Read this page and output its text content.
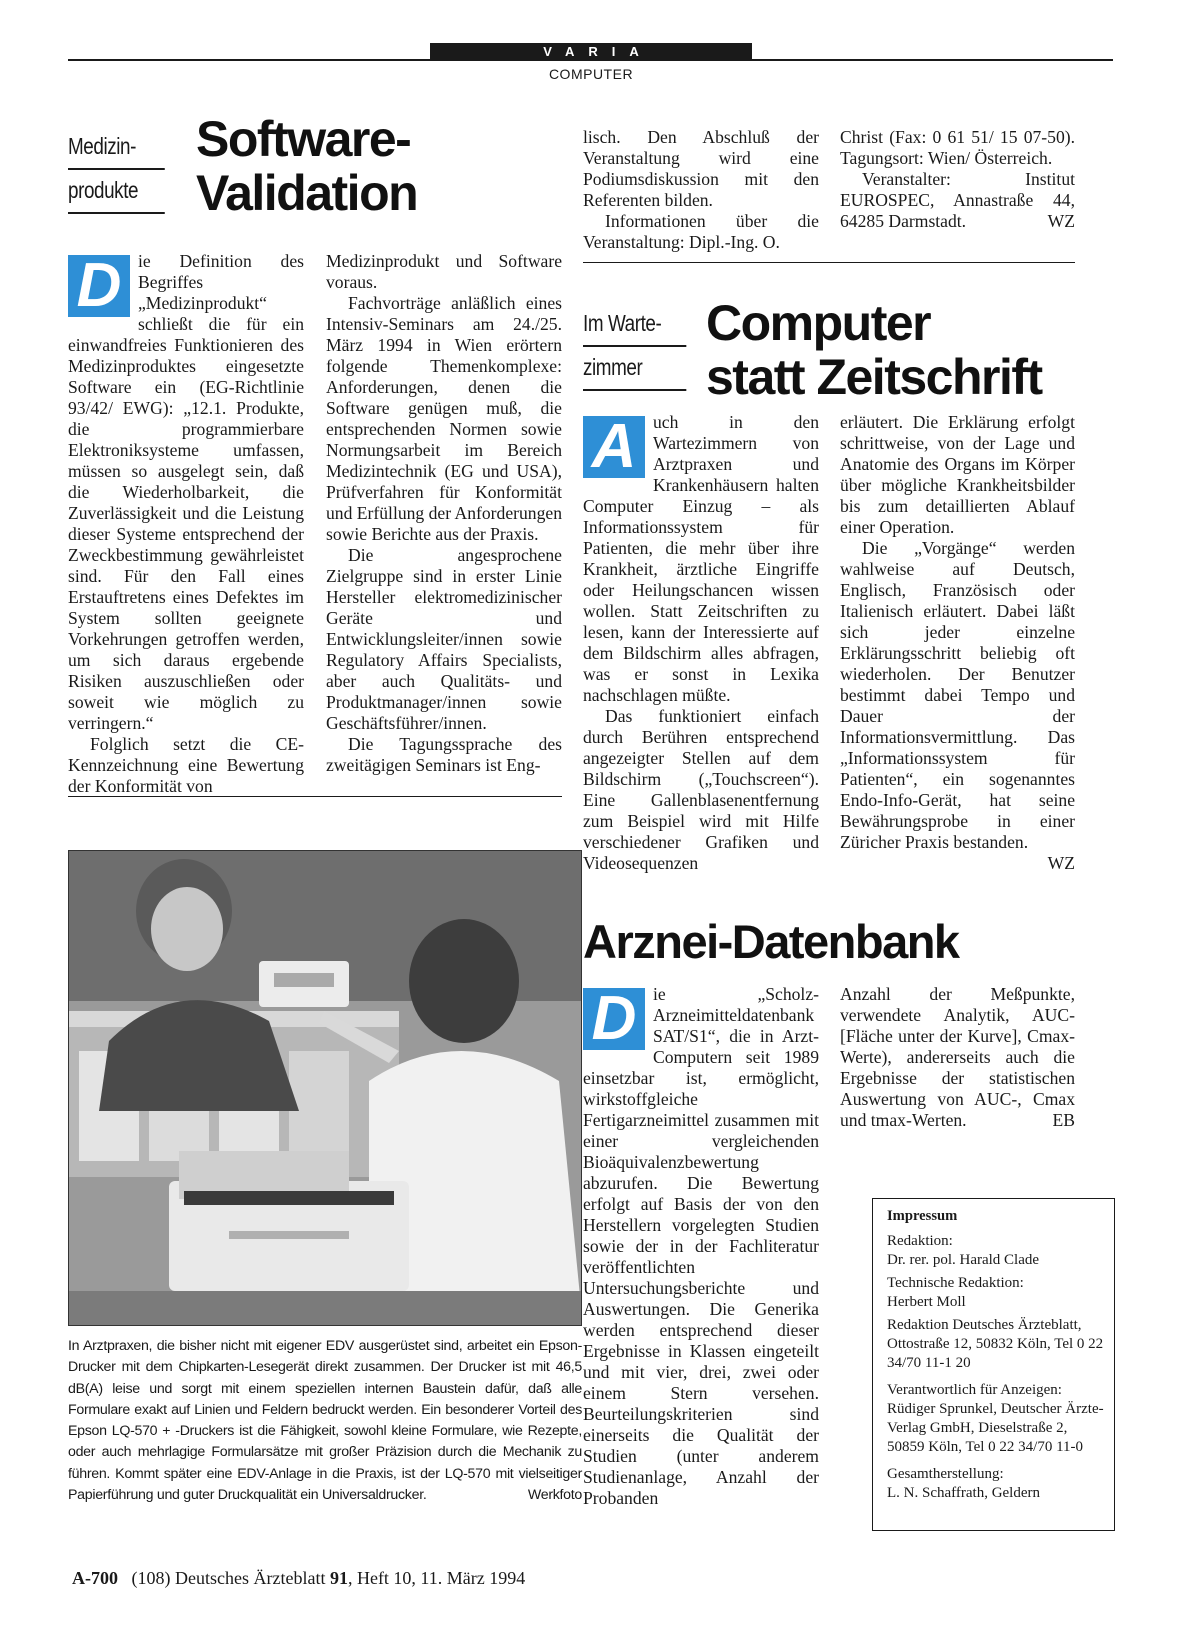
VARIA
COMPUTER
Medizin-
produkte
Software-
Validation

D ie Definition des Begriffes „Medizinprodukt“ schließt die für ein einwandfreies Funktionieren des Medizinproduktes eingesetzte Software ein (EG-Richtlinie 93/42/ EWG): „12.1. Produkte, die programmierbare Elektroniksysteme umfassen, müssen so ausgelegt sein, daß die Wiederholbarkeit, die Zuverlässigkeit und die Leistung dieser Systeme entsprechend der Zweckbestimmung gewährleistet sind. Für den Fall eines Erstauftretens eines Defektes im System sollten geeignete Vorkehrungen getroffen werden, um sich daraus ergebende Risiken auszuschließen oder soweit wie möglich zu verringern.“

Folglich setzt die CE-Kennzeichnung eine Bewertung der Konformität von

Medizinprodukt und Software voraus.

Fachvorträge anläßlich eines Intensiv-Seminars am 24./25. März 1994 in Wien erörtern folgende Themenkomplexe: Anforderungen, denen die Software genügen muß, die entsprechenden Normen sowie Normungsarbeit im Bereich Medizintechnik (EG und USA), Prüfverfahren für Konformität und Erfüllung der Anforderungen sowie Berichte aus der Praxis.

Die angesprochene Zielgruppe sind in erster Linie Hersteller elektromedizinischer Geräte und Entwicklungsleiter/innen sowie Regulatory Affairs Specialists, aber auch Qualitäts- und Produktmanager/innen sowie Geschäftsführer/innen.

Die Tagungssprache des zweitägigen Seminars ist Eng-

lisch. Den Abschluß der Veranstaltung wird eine Podiumsdiskussion mit den Referenten bilden.

Informationen über die Veranstaltung: Dipl.-Ing. O.

Christ (Fax: 0 61 51/ 15 07-50). Tagungsort: Wien/ Österreich.

Veranstalter: Institut EUROSPEC, Annastraße 44, 64285 Darmstadt.	WZ

Im Warte-
zimmer
Computer
statt Zeitschrift

A uch in den Wartezimmern von Arztpraxen und Krankenhäusern halten Computer Einzug – als Informationssystem für Patienten, die mehr über ihre Krankheit, ärztliche Eingriffe oder Heilungschancen wissen wollen. Statt Zeitschriften zu lesen, kann der Interessierte auf dem Bildschirm alles abfragen, was er sonst in Lexika nachschlagen müßte.

Das funktioniert einfach durch Berühren entsprechend angezeigter Stellen auf dem Bildschirm („Touchscreen“). Eine Gallenblasenentfernung zum Beispiel wird mit Hilfe verschiedener Grafiken und Videosequenzen

erläutert. Die Erklärung erfolgt schrittweise, von der Lage und Anatomie des Organs im Körper über mögliche Krankheitsbilder bis zum detaillierten Ablauf einer Operation.

Die „Vorgänge“ werden wahlweise auf Deutsch, Englisch, Französisch oder Italienisch erläutert. Dabei läßt sich jeder einzelne Erklärungsschritt beliebig oft wiederholen. Der Benutzer bestimmt dabei Tempo und Dauer der Informationsvermittlung. Das „Informationssystem für Patienten“, ein sogenanntes Endo-Info-Gerät, hat seine Bewährungsprobe in einer Züricher Praxis bestanden.
WZ

Arznei-Datenbank

D ie „Scholz-Arzneimitteldatenbank SAT/S1“, die in Arzt-Computern seit 1989 einsetzbar ist, ermöglicht, wirkstoffgleiche Fertigarzneimittel zusammen mit einer vergleichenden Bioäquivalenzbewertung abzurufen. Die Bewertung erfolgt auf Basis der von den Herstellern vorgelegten Studien sowie der in der Fachliteratur veröffentlichten Untersuchungsberichte und Auswertungen. Die Generika werden entsprechend dieser Ergebnisse in Klassen eingeteilt und mit vier, drei, zwei oder einem Stern versehen. Beurteilungskriterien sind einerseits die Qualität der Studien (unter anderem Studienanlage, Anzahl der Probanden

Anzahl der Meßpunkte, verwendete Analytik, AUC- [Fläche unter der Kurve], Cmax-Werte), andererseits auch die Ergebnisse der statistischen Auswertung von AUC-, Cmax und tmax-Werten.	EB

In Arztpraxen, die bisher nicht mit eigener EDV ausgerüstet sind, arbeitet ein Epson-Drucker mit dem Chipkarten-Lesegerät direkt zusammen. Der Drucker ist mit 46,5 dB(A) leise und sorgt mit einem speziellen internen Baustein dafür, daß alle Formulare exakt auf Linien und Feldern bedruckt werden. Ein besonderer Vorteil des Epson LQ-570 + -Druckers ist die Fähigkeit, sowohl kleine Formulare, wie Rezepte, oder auch mehrlagige Formularsätze mit großer Präzision durch die Mechanik zu führen. Kommt später eine EDV-Anlage in die Praxis, ist der LQ-570 mit vielseitiger Papierführung und guter Druckqualität ein Universaldrucker.	Werkfoto
Impressum
Redaktion:
Dr. rer. pol. Harald Clade
Technische Redaktion:
Herbert Moll
Redaktion Deutsches Ärzteblatt, Ottostraße 12, 50832 Köln, Tel 0 22 34/70 11-1 20
Verantwortlich für Anzeigen:
Rüdiger Sprunkel, Deutscher Ärzte-Verlag GmbH, Dieselstraße 2, 50859 Köln, Tel 0 22 34/70 11-0
Gesamtherstellung:
L. N. Schaffrath, Geldern
A-700 (108) Deutsches Ärzteblatt 91, Heft 10, 11. März 1994
